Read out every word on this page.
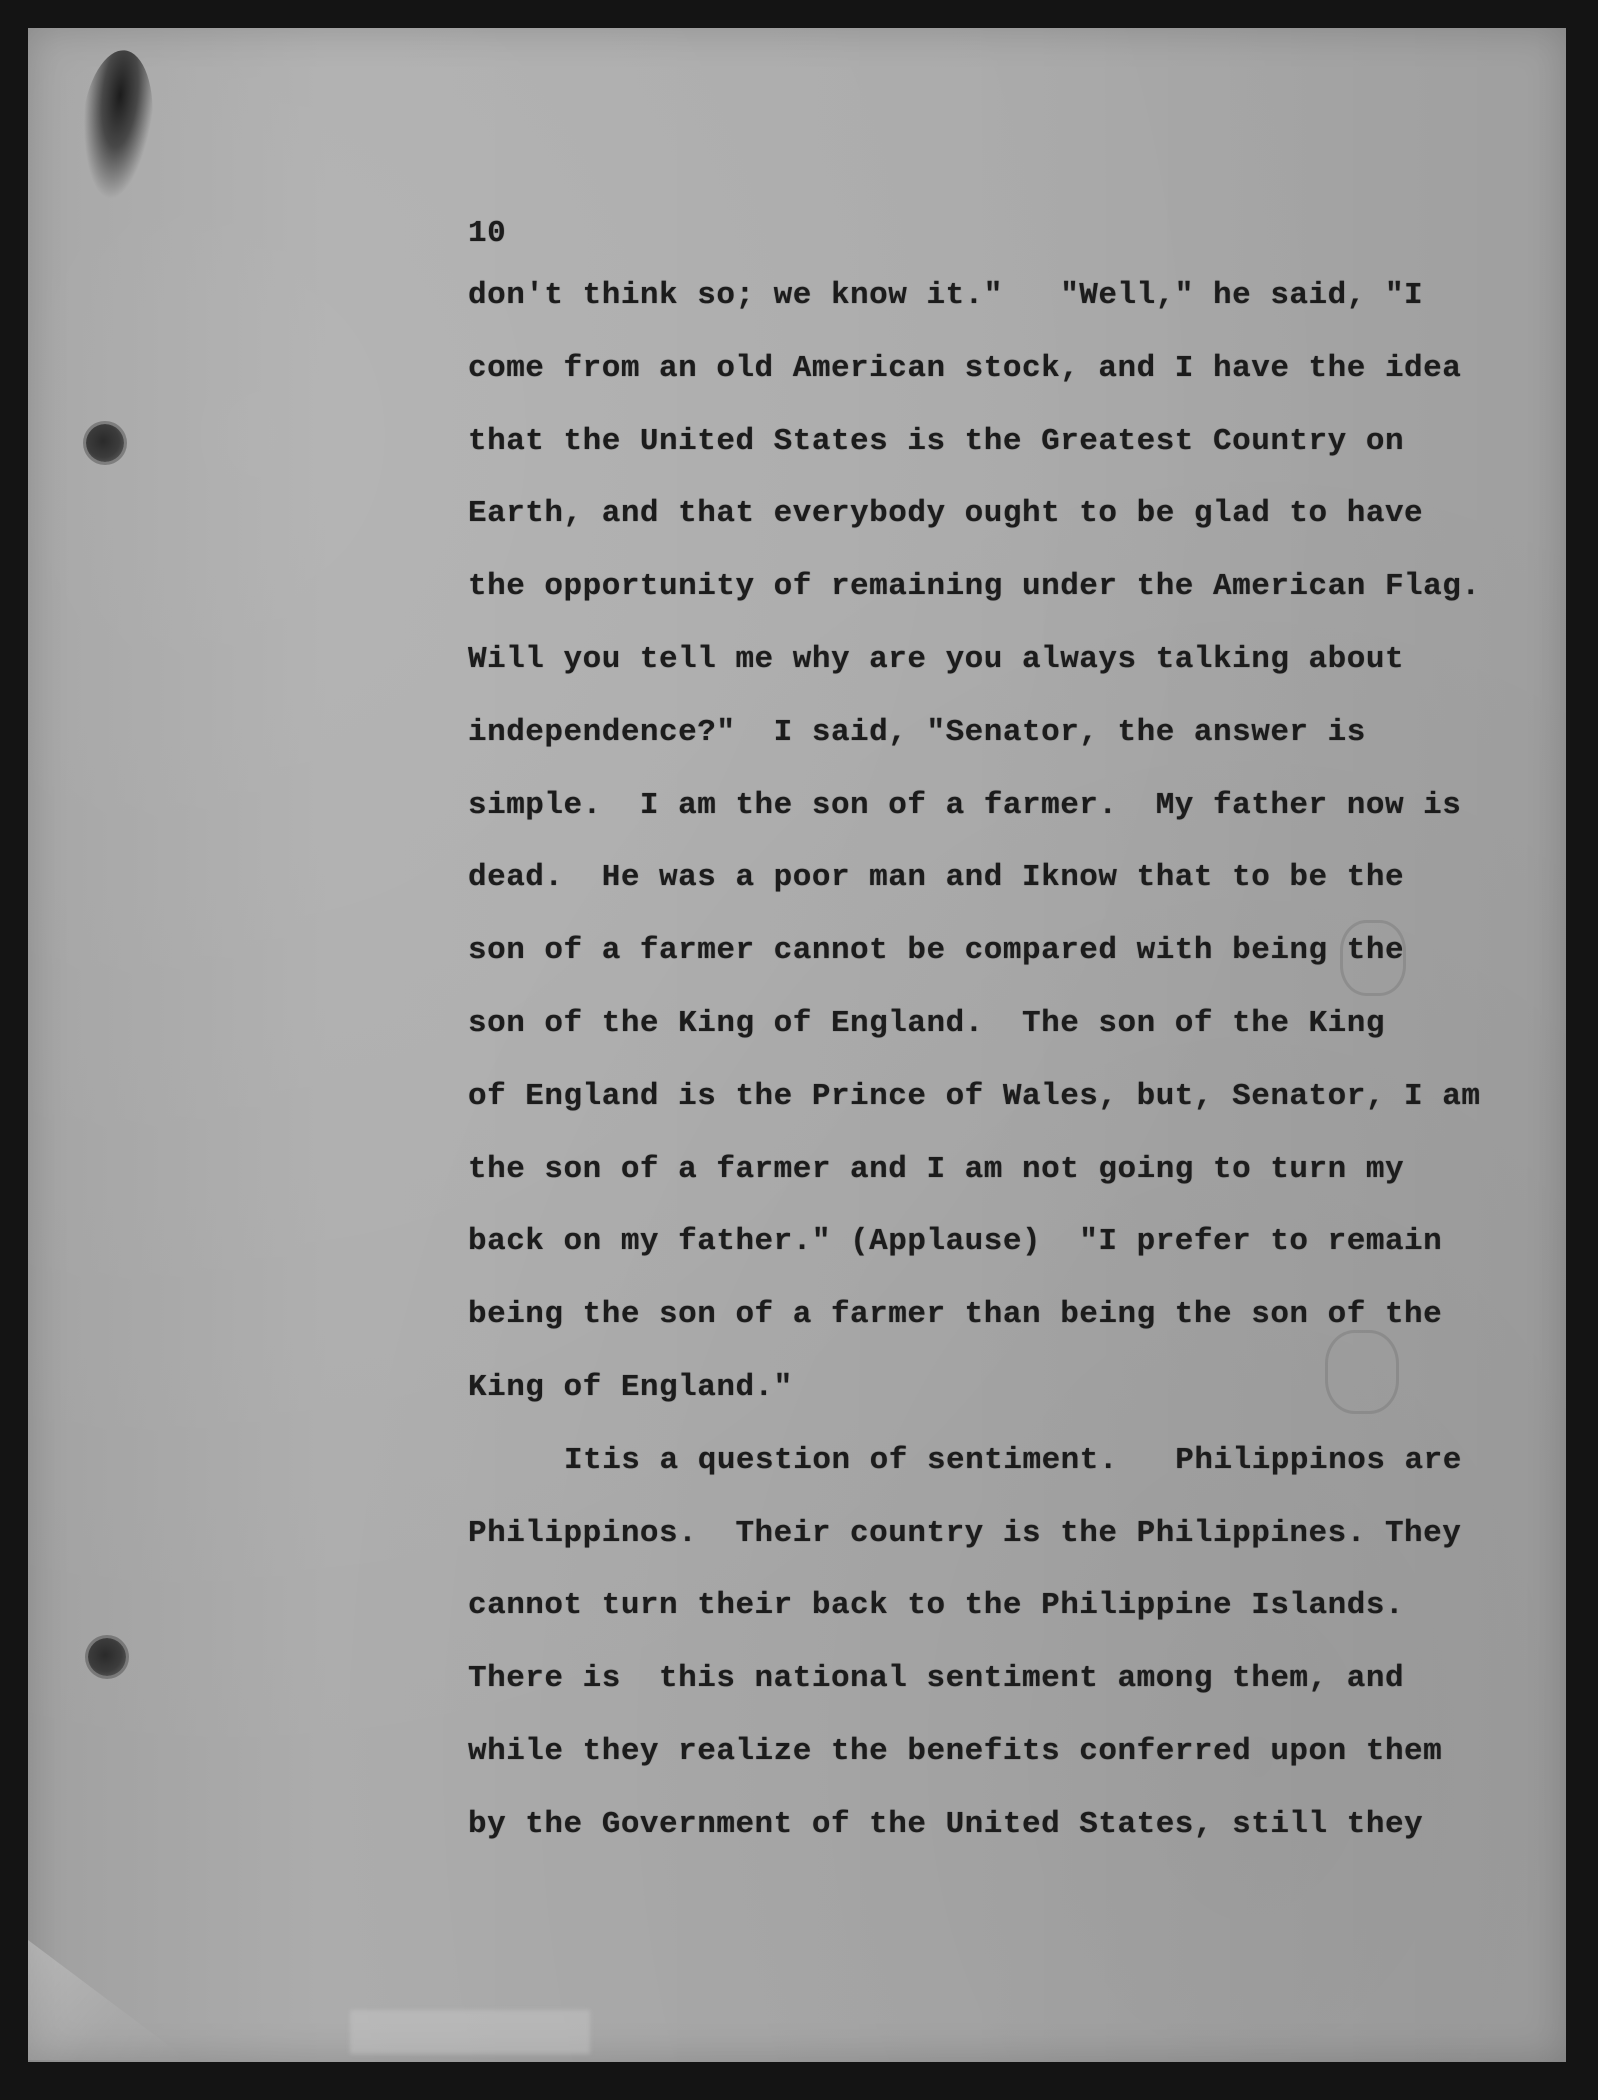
10
don't think so; we know it."   "Well," he said, "I
come from an old American stock, and I have the idea
that the United States is the Greatest Country on
Earth, and that everybody ought to be glad to have
the opportunity of remaining under the American Flag.
Will you tell me why are you always talking about
independence?"  I said, "Senator, the answer is
simple.  I am the son of a farmer.  My father now is
dead.  He was a poor man and Iknow that to be the
son of a farmer cannot be compared with being the
son of the King of England.  The son of the King
of England is the Prince of Wales, but, Senator, I am
the son of a farmer and I am not going to turn my
back on my father." (Applause)  "I prefer to remain
being the son of a farmer than being the son of the
King of England."
Itis a question of sentiment.   Philippinos are
Philippinos.  Their country is the Philippines. They
cannot turn their back to the Philippine Islands.
There is  this national sentiment among them, and
while they realize the benefits conferred upon them
by the Government of the United States, still they
